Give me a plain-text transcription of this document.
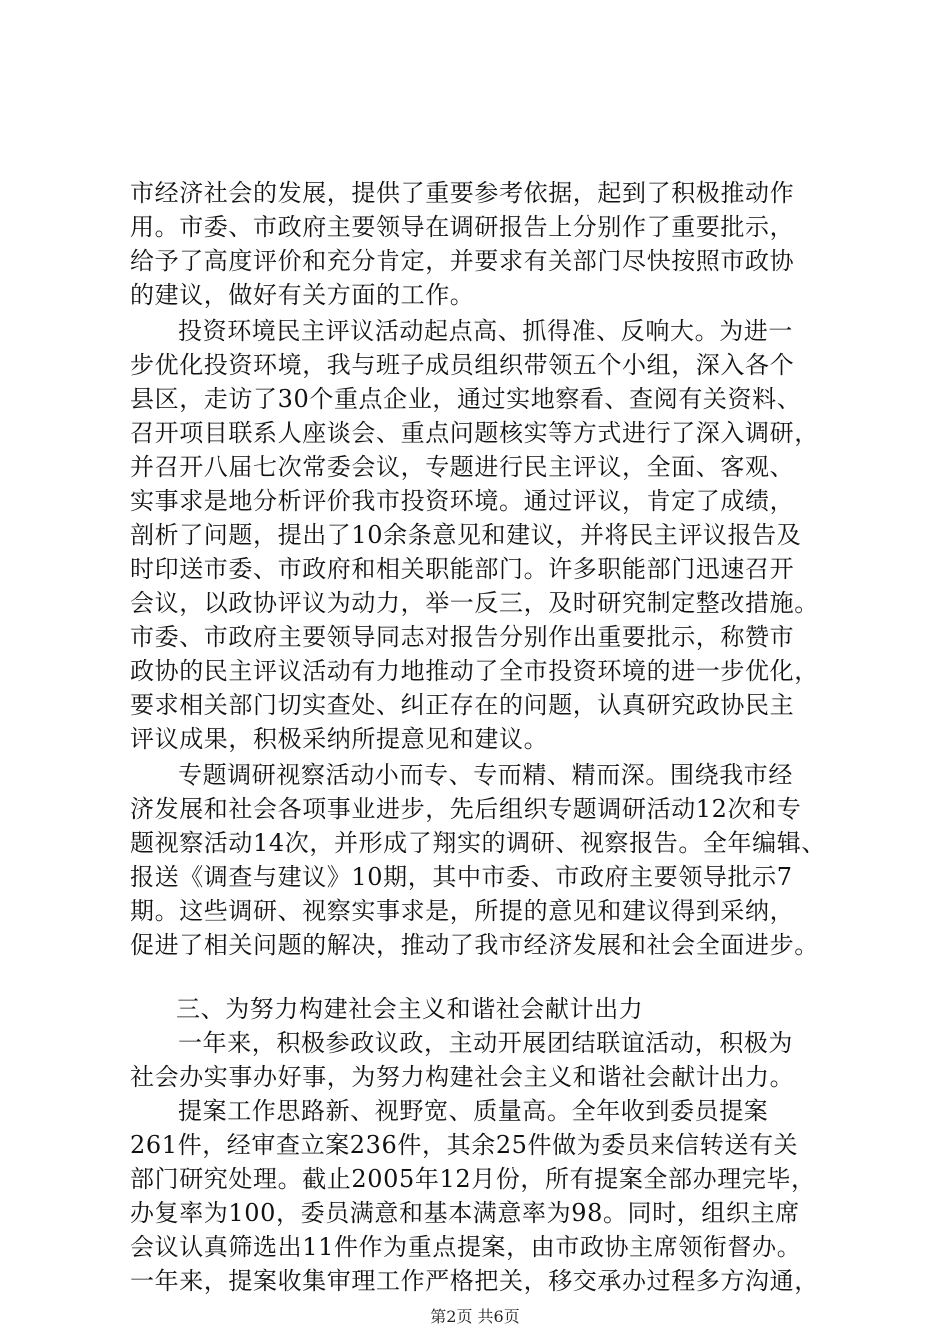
市经济社会的发展，提供了重要参考依据，起到了积极推动作
用。市委、市政府主要领导在调研报告上分别作了重要批示，
给予了高度评价和充分肯定，并要求有关部门尽快按照市政协
的建议，做好有关方面的工作。
投资环境民主评议活动起点高、抓得准、反响大。为进一
步优化投资环境，我与班子成员组织带领五个小组，深入各个
县区，走访了30个重点企业，通过实地察看、查阅有关资料、
召开项目联系人座谈会、重点问题核实等方式进行了深入调研，
并召开八届七次常委会议，专题进行民主评议，全面、客观、
实事求是地分析评价我市投资环境。通过评议，肯定了成绩，
剖析了问题，提出了10余条意见和建议，并将民主评议报告及
时印送市委、市政府和相关职能部门。许多职能部门迅速召开
会议，以政协评议为动力，举一反三，及时研究制定整改措施。
市委、市政府主要领导同志对报告分别作出重要批示，称赞市
政协的民主评议活动有力地推动了全市投资环境的进一步优化，
要求相关部门切实查处、纠正存在的问题，认真研究政协民主
评议成果，积极采纳所提意见和建议。
专题调研视察活动小而专、专而精、精而深。围绕我市经
济发展和社会各项事业进步，先后组织专题调研活动12次和专
题视察活动14次，并形成了翔实的调研、视察报告。全年编辑、
报送《调查与建议》10期，其中市委、市政府主要领导批示7
期。这些调研、视察实事求是，所提的意见和建议得到采纳，
促进了相关问题的解决，推动了我市经济发展和社会全面进步。
三、为努力构建社会主义和谐社会献计出力
一年来，积极参政议政，主动开展团结联谊活动，积极为
社会办实事办好事，为努力构建社会主义和谐社会献计出力。
提案工作思路新、视野宽、质量高。全年收到委员提案
261件，经审查立案236件，其余25件做为委员来信转送有关
部门研究处理。截止2005年12月份，所有提案全部办理完毕，
办复率为100，委员满意和基本满意率为98。同时，组织主席
会议认真筛选出11件作为重点提案，由市政协主席领衔督办。
一年来，提案收集审理工作严格把关，移交承办过程多方沟通，
第2页 共6页
